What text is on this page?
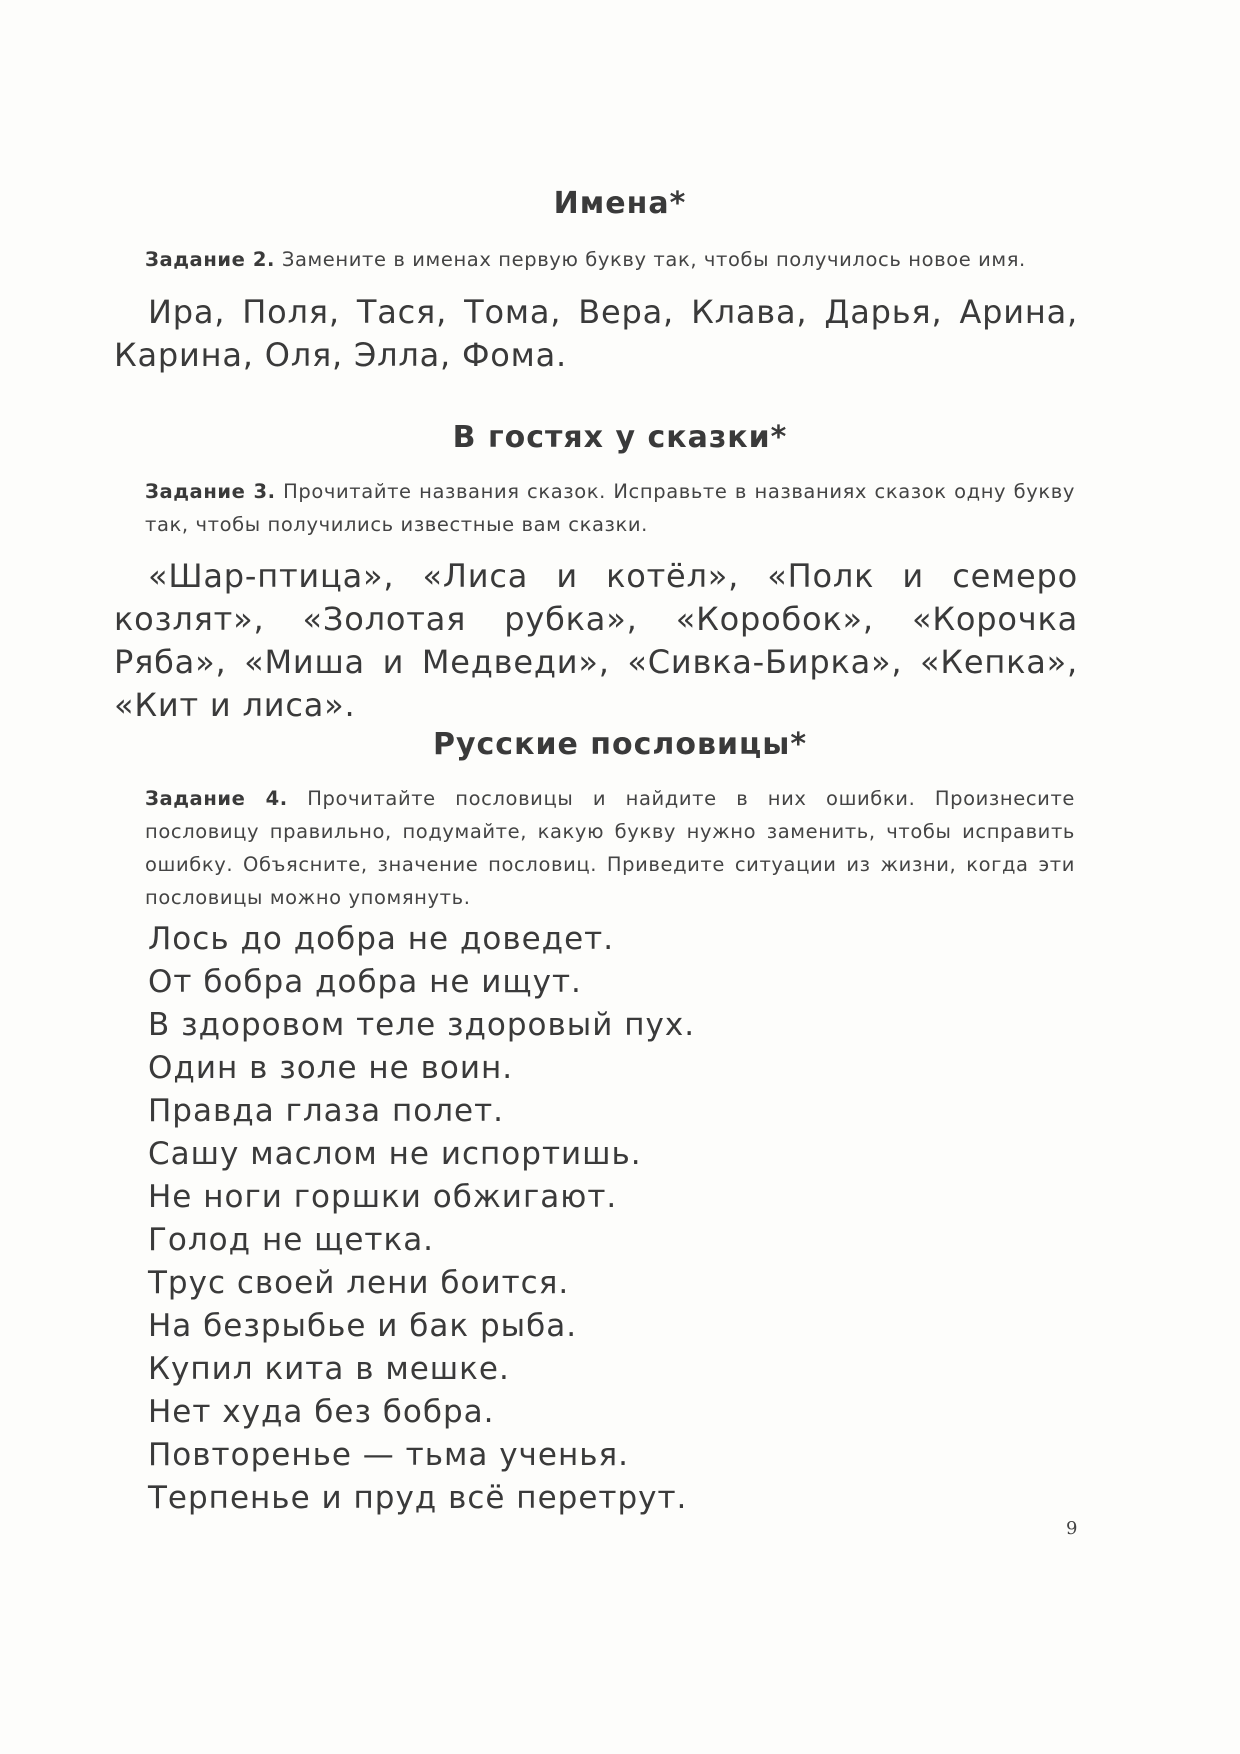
Имена*
Задание 2. Замените в именах первую букву так, чтобы получилось новое имя.
Ира, Поля, Тася, Тома, Вера, Клава, Дарья, Арина,
Карина, Оля, Элла, Фома.
В гостях у сказки*
Задание 3. Прочитайте названия сказок. Исправьте в названиях сказок одну букву так, чтобы получились известные вам сказки.
«Шар-птица», «Лиса и котёл», «Полк и семеро козлят», «Золотая рубка», «Коробок», «Корочка Ряба», «Миша и Медведи», «Сивка-Бирка», «Кепка», «Кит и лиса».
Русские пословицы*
Задание 4. Прочитайте пословицы и найдите в них ошибки. Произнесите пословицу правильно, подумайте, какую букву нужно заменить, чтобы исправить ошибку. Объясните, значение пословиц. Приведите ситуации из жизни, когда эти пословицы можно упомянуть.
Лось до добра не доведет.
От бобра добра не ищут.
В здоровом теле здоровый пух.
Один в золе не воин.
Правда глаза полет.
Сашу маслом не испортишь.
Не ноги горшки обжигают.
Голод не щетка.
Трус своей лени боится.
На безрыбье и бак рыба.
Купил кита в мешке.
Нет худа без бобра.
Повторенье — тьма ученья.
Терпенье и пруд всё перетрут.
9
